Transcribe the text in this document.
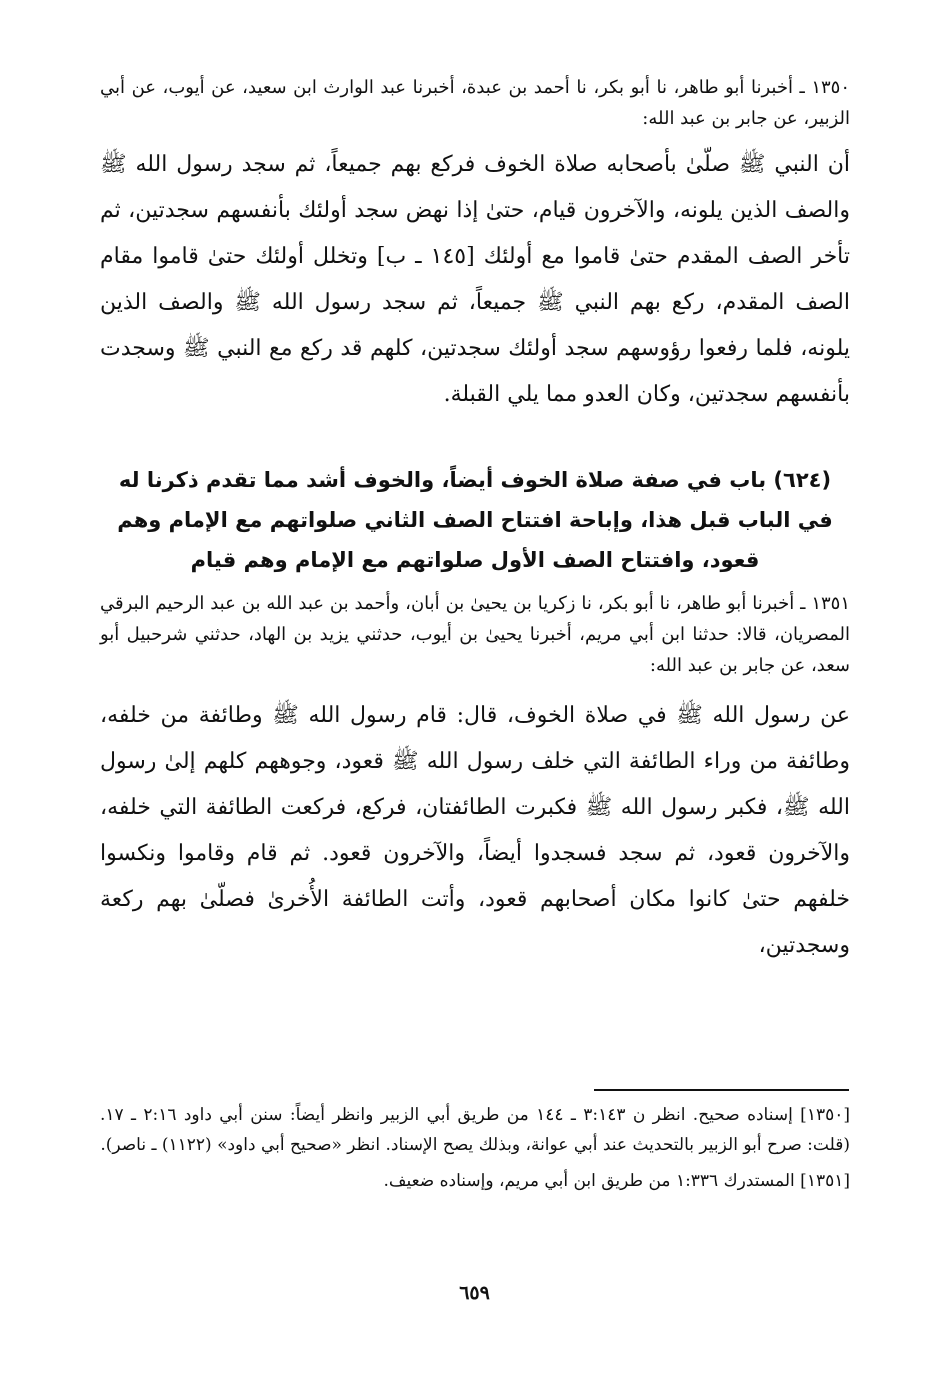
١٣٥٠ ـ أخبرنا أبو طاهر، نا أبو بكر، نا أحمد بن عبدة، أخبرنا عبد الوارث ابن سعيد، عن أيوب، عن أبي الزبير، عن جابر بن عبد الله:

أن النبي ﷺ صلّىٰ بأصحابه صلاة الخوف فركع بهم جميعاً، ثم سجد رسول الله ﷺ والصف الذين يلونه، والآخرون قيام، حتىٰ إذا نهض سجد أولئك بأنفسهم سجدتين، ثم تأخر الصف المقدم حتىٰ قاموا مع أولئك [١٤٥ ـ ب] وتخلل أولئك حتىٰ قاموا مقام الصف المقدم، ركع بهم النبي ﷺ جميعاً، ثم سجد رسول الله ﷺ والصف الذين يلونه، فلما رفعوا رؤوسهم سجد أولئك سجدتين، كلهم قد ركع مع النبي ﷺ وسجدت بأنفسهم سجدتين، وكان العدو مما يلي القبلة.

(٦٢٤) باب في صفة صلاة الخوف أيضاً، والخوف أشد مما تقدم ذكرنا له في الباب قبل هذا، وإباحة افتتاح الصف الثاني صلواتهم مع الإمام وهم قعود، وافتتاح الصف الأول صلواتهم مع الإمام وهم قيام

١٣٥١ ـ أخبرنا أبو طاهر، نا أبو بكر، نا زكريا بن يحيىٰ بن أبان، وأحمد بن عبد الله بن عبد الرحيم البرقي المصريان، قالا: حدثنا ابن أبي مريم، أخبرنا يحيىٰ بن أيوب، حدثني يزيد بن الهاد، حدثني شرحبيل أبو سعد، عن جابر بن عبد الله:

عن رسول الله ﷺ في صلاة الخوف، قال: قام رسول الله ﷺ وطائفة من خلفه، وطائفة من وراء الطائفة التي خلف رسول الله ﷺ قعود، وجوههم كلهم إلىٰ رسول الله ﷺ، فكبر رسول الله ﷺ فكبرت الطائفتان، فركع، فركعت الطائفة التي خلفه، والآخرون قعود، ثم سجد فسجدوا أيضاً، والآخرون قعود. ثم قام وقاموا ونكسوا خلفهم حتىٰ كانوا مكان أصحابهم قعود، وأتت الطائفة الأُخرىٰ فصلّىٰ بهم ركعة وسجدتين،

[١٣٥٠] إسناده صحيح. انظر ن ٣:١٤٣ ـ ١٤٤ من طريق أبي الزبير وانظر أيضاً: سنن أبي داود ٢:١٦ ـ ١٧. (قلت: صرح أبو الزبير بالتحديث عند أبي عوانة، وبذلك يصح الإسناد. انظر «صحيح أبي داود» (١١٢٢) ـ ناصر).

[١٣٥١] المستدرك ١:٣٣٦ من طريق ابن أبي مريم، وإسناده ضعيف.

٦٥٩
